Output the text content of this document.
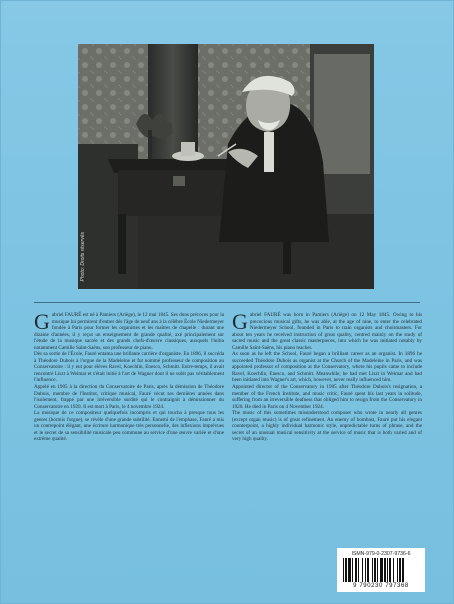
Photo: Droits réservés

Gabriel FAURÉ est né à Pamiers (Ariège), le 12 mai 1845. Ses dons précoces pour la musique lui permirent d'entrer dès l'âge de neuf ans à la célèbre École Niedermeyer fondée à Paris pour former les organistes et les maîtres de chapelle : durant une dizaine d'années, il y reçut un enseignement de grande qualité, axé principalement sur l'étude de la musique sacrée et des grands chefs-d'œuvre classiques, auxquels l'initia notamment Camille Saint-Saëns, son professeur de piano.

Dès sa sortie de l'École, Fauré entama une brillante carrière d'organiste. En 1896, il succéda à Théodore Dubois à l'orgue de la Madeleine et fut nommé professeur de composition au Conservatoire : il y eut pour élèves Ravel, Koechlin, Enesco, Schmitt. Entre-temps, il avait rencontré Liszt à Weimar et s'était initié à l'art de Wagner dont il ne subit pas véritablement l'influence.

Appelé en 1905 à la direction du Conservatoire de Paris, après la démission de Théodore Dubois, membre de l'Institut, critique musical, Fauré vécut ses dernières années dans l'isolement, frappé par une irréversible surdité qui le contraignit à démissionner du Conservatoire en 1920. Il est mort à Paris, le 4 novembre 1924.

La musique de ce compositeur quelquefois incompris et qui toucha à presque tous les genres (hormis l'orgue), se révèle d'une grande subtilité. Ennemi de l'emphase, Fauré a mis un contrepoint élégant, une écriture harmonique très personnelle, des inflexions imprévues et le secret de sa sensibilité musicale peu commune au service d'une œuvre variée et d'une extrême qualité.

Gabriel FAURÉ was born in Pamiers (Ariège) on 12 May 1845. Owing to his precocious musical gifts, he was able, at the age of nine, to enter the celebrated Niedermeyer School, founded in Paris to train organists and choirmasters. For about ten years he received instruction of great quality, centred mainly on the study of sacred music and the great classic masterpieces, into which he was initiated notably by Camille Saint-Saëns, his piano teacher.

As soon as he left the School, Fauré began a brilliant career as an organist. In 1896 he succeeded Théodore Dubois as organist at the Church of the Madeleine in Paris, and was appointed professor of composition at the Conservatory, where his pupils came to include Ravel, Koechlin, Enesco, and Schmitt. Meanwhile, he had met Liszt in Weimar and had been initiated into Wagner's art, which, however, never really influenced him.

Appointed director of the Conservatory in 1905 after Théodore Dubois's resignation, a member of the French Institute, and music critic, Fauré spent his last years in solitude, suffering from an irreversible deafness that obliged him to resign from the Conservatory in 1920. He died in Paris on 4 November 1924.

The music of this sometimes misunderstood composer who wrote in nearly all genres (except organ music) is of great refinement. An enemy of bombast, Fauré put his elegant counterpoint, a highly individual harmonic style, unpredictable turns of phrase, and the secret of an unusual musical sensitivity at the service of music that is both varied and of very high quality.

ISMN-979-0-2307-9736-6
9 790230 797368
